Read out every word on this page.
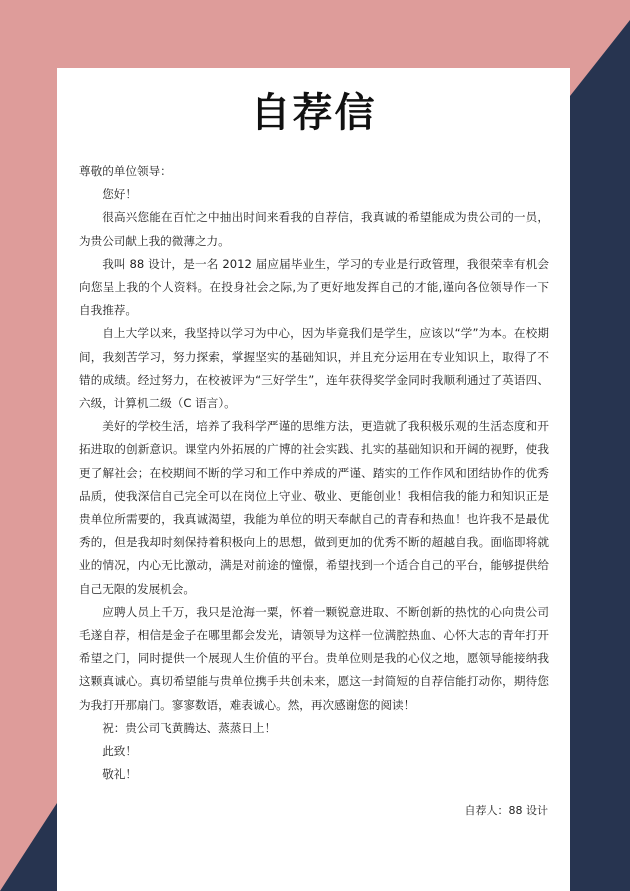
自荐信

尊敬的单位领导：

您好！

很高兴您能在百忙之中抽出时间来看我的自荐信，我真诚的希望能成为贵公司的一员，为贵公司献上我的微薄之力。

我叫 88 设计，是一名 2012 届应届毕业生，学习的专业是行政管理，我很荣幸有机会向您呈上我的个人资料。在投身社会之际,为了更好地发挥自己的才能,谨向各位领导作一下自我推荐。

自上大学以来，我坚持以学习为中心，因为毕竟我们是学生，应该以“学”为本。在校期间，我刻苦学习，努力探索，掌握坚实的基础知识，并且充分运用在专业知识上，取得了不错的成绩。经过努力，在校被评为“三好学生”，连年获得奖学金同时我顺利通过了英语四、六级，计算机二级（C 语言）。

美好的学校生活，培养了我科学严谨的思维方法，更造就了我积极乐观的生活态度和开拓进取的创新意识。课堂内外拓展的广博的社会实践、扎实的基础知识和开阔的视野，使我更了解社会；在校期间不断的学习和工作中养成的严谨、踏实的工作作风和团结协作的优秀品质，使我深信自己完全可以在岗位上守业、敬业、更能创业！我相信我的能力和知识正是贵单位所需要的，我真诚渴望，我能为单位的明天奉献自己的青春和热血！也许我不是最优秀的，但是我却时刻保持着积极向上的思想，做到更加的优秀不断的超越自我。面临即将就业的情况，内心无比激动，满是对前途的憧憬，希望找到一个适合自己的平台，能够提供给自己无限的发展机会。

应聘人员上千万，我只是沧海一粟，怀着一颗锐意进取、不断创新的热忱的心向贵公司毛遂自荐，相信是金子在哪里都会发光，请领导为这样一位满腔热血、心怀大志的青年打开希望之门，同时提供一个展现人生价值的平台。贵单位则是我的心仪之地，愿领导能接纳我这颗真诚心。真切希望能与贵单位携手共创未来，愿这一封简短的自荐信能打动你，期待您为我打开那扇门。寥寥数语，难表诚心。然，再次感谢您的阅读！

祝：贵公司飞黄腾达、蒸蒸日上！

此致！

敬礼！

自荐人：88 设计
